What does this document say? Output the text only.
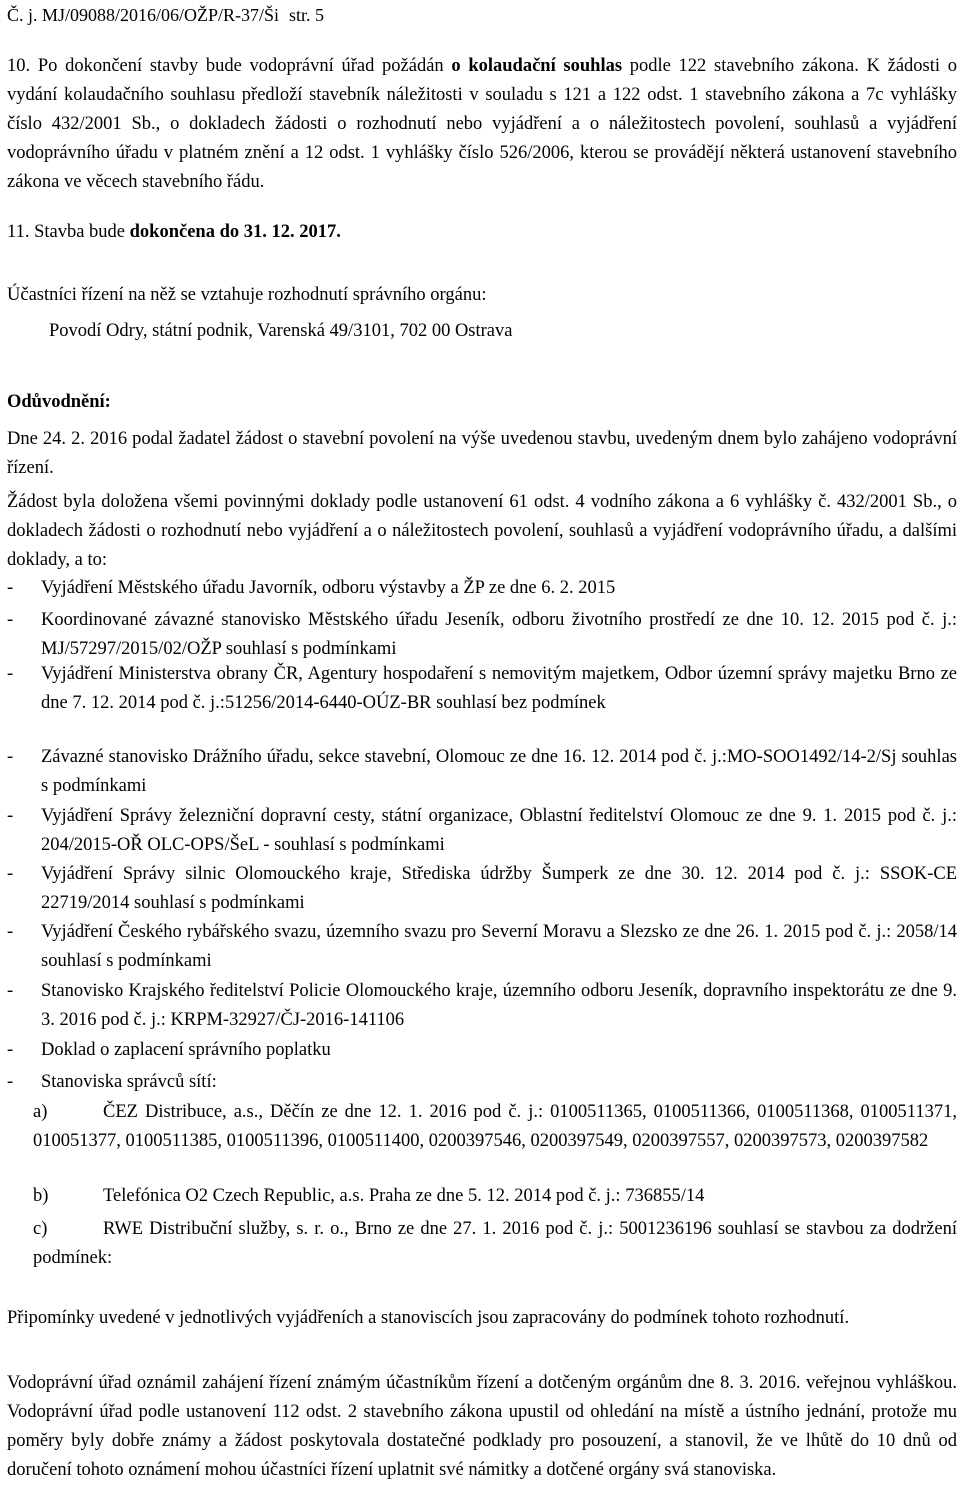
Č. j. MJ/09088/2016/06/OŽP/R-37/Ši str. 5

10. Po dokončení stavby bude vodoprávní úřad požádán o kolaudační souhlas podle 122 stavebního zákona. K žádosti o vydání kolaudačního souhlasu předloží stavebník náležitosti v souladu s 121 a 122 odst. 1 stavebního zákona a 7c vyhlášky číslo 432/2001 Sb., o dokladech žádosti o rozhodnutí nebo vyjádření a o náležitostech povolení, souhlasů a vyjádření vodoprávního úřadu v platném znění a 12 odst. 1 vyhlášky číslo 526/2006, kterou se provádějí některá ustanovení stavebního zákona ve věcech stavebního řádu.

11. Stavba bude dokončena do 31. 12. 2017.

Účastníci řízení na něž se vztahuje rozhodnutí správního orgánu:

Povodí Odry, státní podnik, Varenská 49/3101, 702 00 Ostrava

Odůvodnění:

Dne 24. 2. 2016 podal žadatel žádost o stavební povolení na výše uvedenou stavbu, uvedeným dnem bylo zahájeno vodoprávní řízení.

Žádost byla doložena všemi povinnými doklady podle ustanovení 61 odst. 4 vodního zákona a 6 vyhlášky č. 432/2001 Sb., o dokladech žádosti o rozhodnutí nebo vyjádření a o náležitostech povolení, souhlasů a vyjádření vodoprávního úřadu, a dalšími doklady, a to:

- Vyjádření Městského úřadu Javorník, odboru výstavby a ŽP ze dne 6. 2. 2015

- Koordinované závazné stanovisko Městského úřadu Jeseník, odboru životního prostředí ze dne 10. 12. 2015 pod č. j.: MJ/57297/2015/02/OŽP souhlasí s podmínkami

- Vyjádření Ministerstva obrany ČR, Agentury hospodaření s nemovitým majetkem, Odbor územní správy majetku Brno ze dne 7. 12. 2014 pod č. j.:51256/2014-6440-OÚZ-BR souhlasí bez podmínek

- Závazné stanovisko Drážního úřadu, sekce stavební, Olomouc ze dne 16. 12. 2014 pod č. j.:MO-SOO1492/14-2/Sj souhlas s podmínkami

- Vyjádření Správy železniční dopravní cesty, státní organizace, Oblastní ředitelství Olomouc ze dne 9. 1. 2015 pod č. j.: 204/2015-OŘ OLC-OPS/ŠeL - souhlasí s podmínkami

- Vyjádření Správy silnic Olomouckého kraje, Střediska údržby Šumperk ze dne 30. 12. 2014 pod č. j.: SSOK-CE 22719/2014 souhlasí s podmínkami

- Vyjádření Českého rybářského svazu, územního svazu pro Severní Moravu a Slezsko ze dne 26. 1. 2015 pod č. j.: 2058/14 souhlasí s podmínkami

- Stanovisko Krajského ředitelství Policie Olomouckého kraje, územního odboru Jeseník, dopravního inspektorátu ze dne 9. 3. 2016 pod č. j.: KRPM-32927/ČJ-2016-141106

- Doklad o zaplacení správního poplatku

- Stanoviska správců sítí:

a)	ČEZ Distribuce, a.s., Děčín ze dne 12. 1. 2016 pod č. j.: 0100511365, 0100511366, 0100511368, 0100511371, 010051377, 0100511385, 0100511396, 0100511400, 0200397546, 0200397549, 0200397557, 0200397573, 0200397582

b)	Telefónica O2 Czech Republic, a.s. Praha ze dne 5. 12. 2014 pod č. j.: 736855/14

c)	RWE Distribuční služby, s. r. o., Brno ze dne 27. 1. 2016 pod č. j.: 5001236196 souhlasí se stavbou za dodržení podmínek:

Připomínky uvedené v jednotlivých vyjádřeních a stanoviscích jsou zapracovány do podmínek tohoto rozhodnutí.

Vodoprávní úřad oznámil zahájení řízení známým účastníkům řízení a dotčeným orgánům dne 8. 3. 2016. veřejnou vyhláškou. Vodoprávní úřad podle ustanovení 112 odst. 2 stavebního zákona upustil od ohledání na místě a ústního jednání, protože mu poměry byly dobře známy a žádost poskytovala dostatečné podklady pro posouzení, a stanovil, že ve lhůtě do 10 dnů od doručení tohoto oznámení mohou účastníci řízení uplatnit své námitky a dotčené orgány svá stanoviska.
